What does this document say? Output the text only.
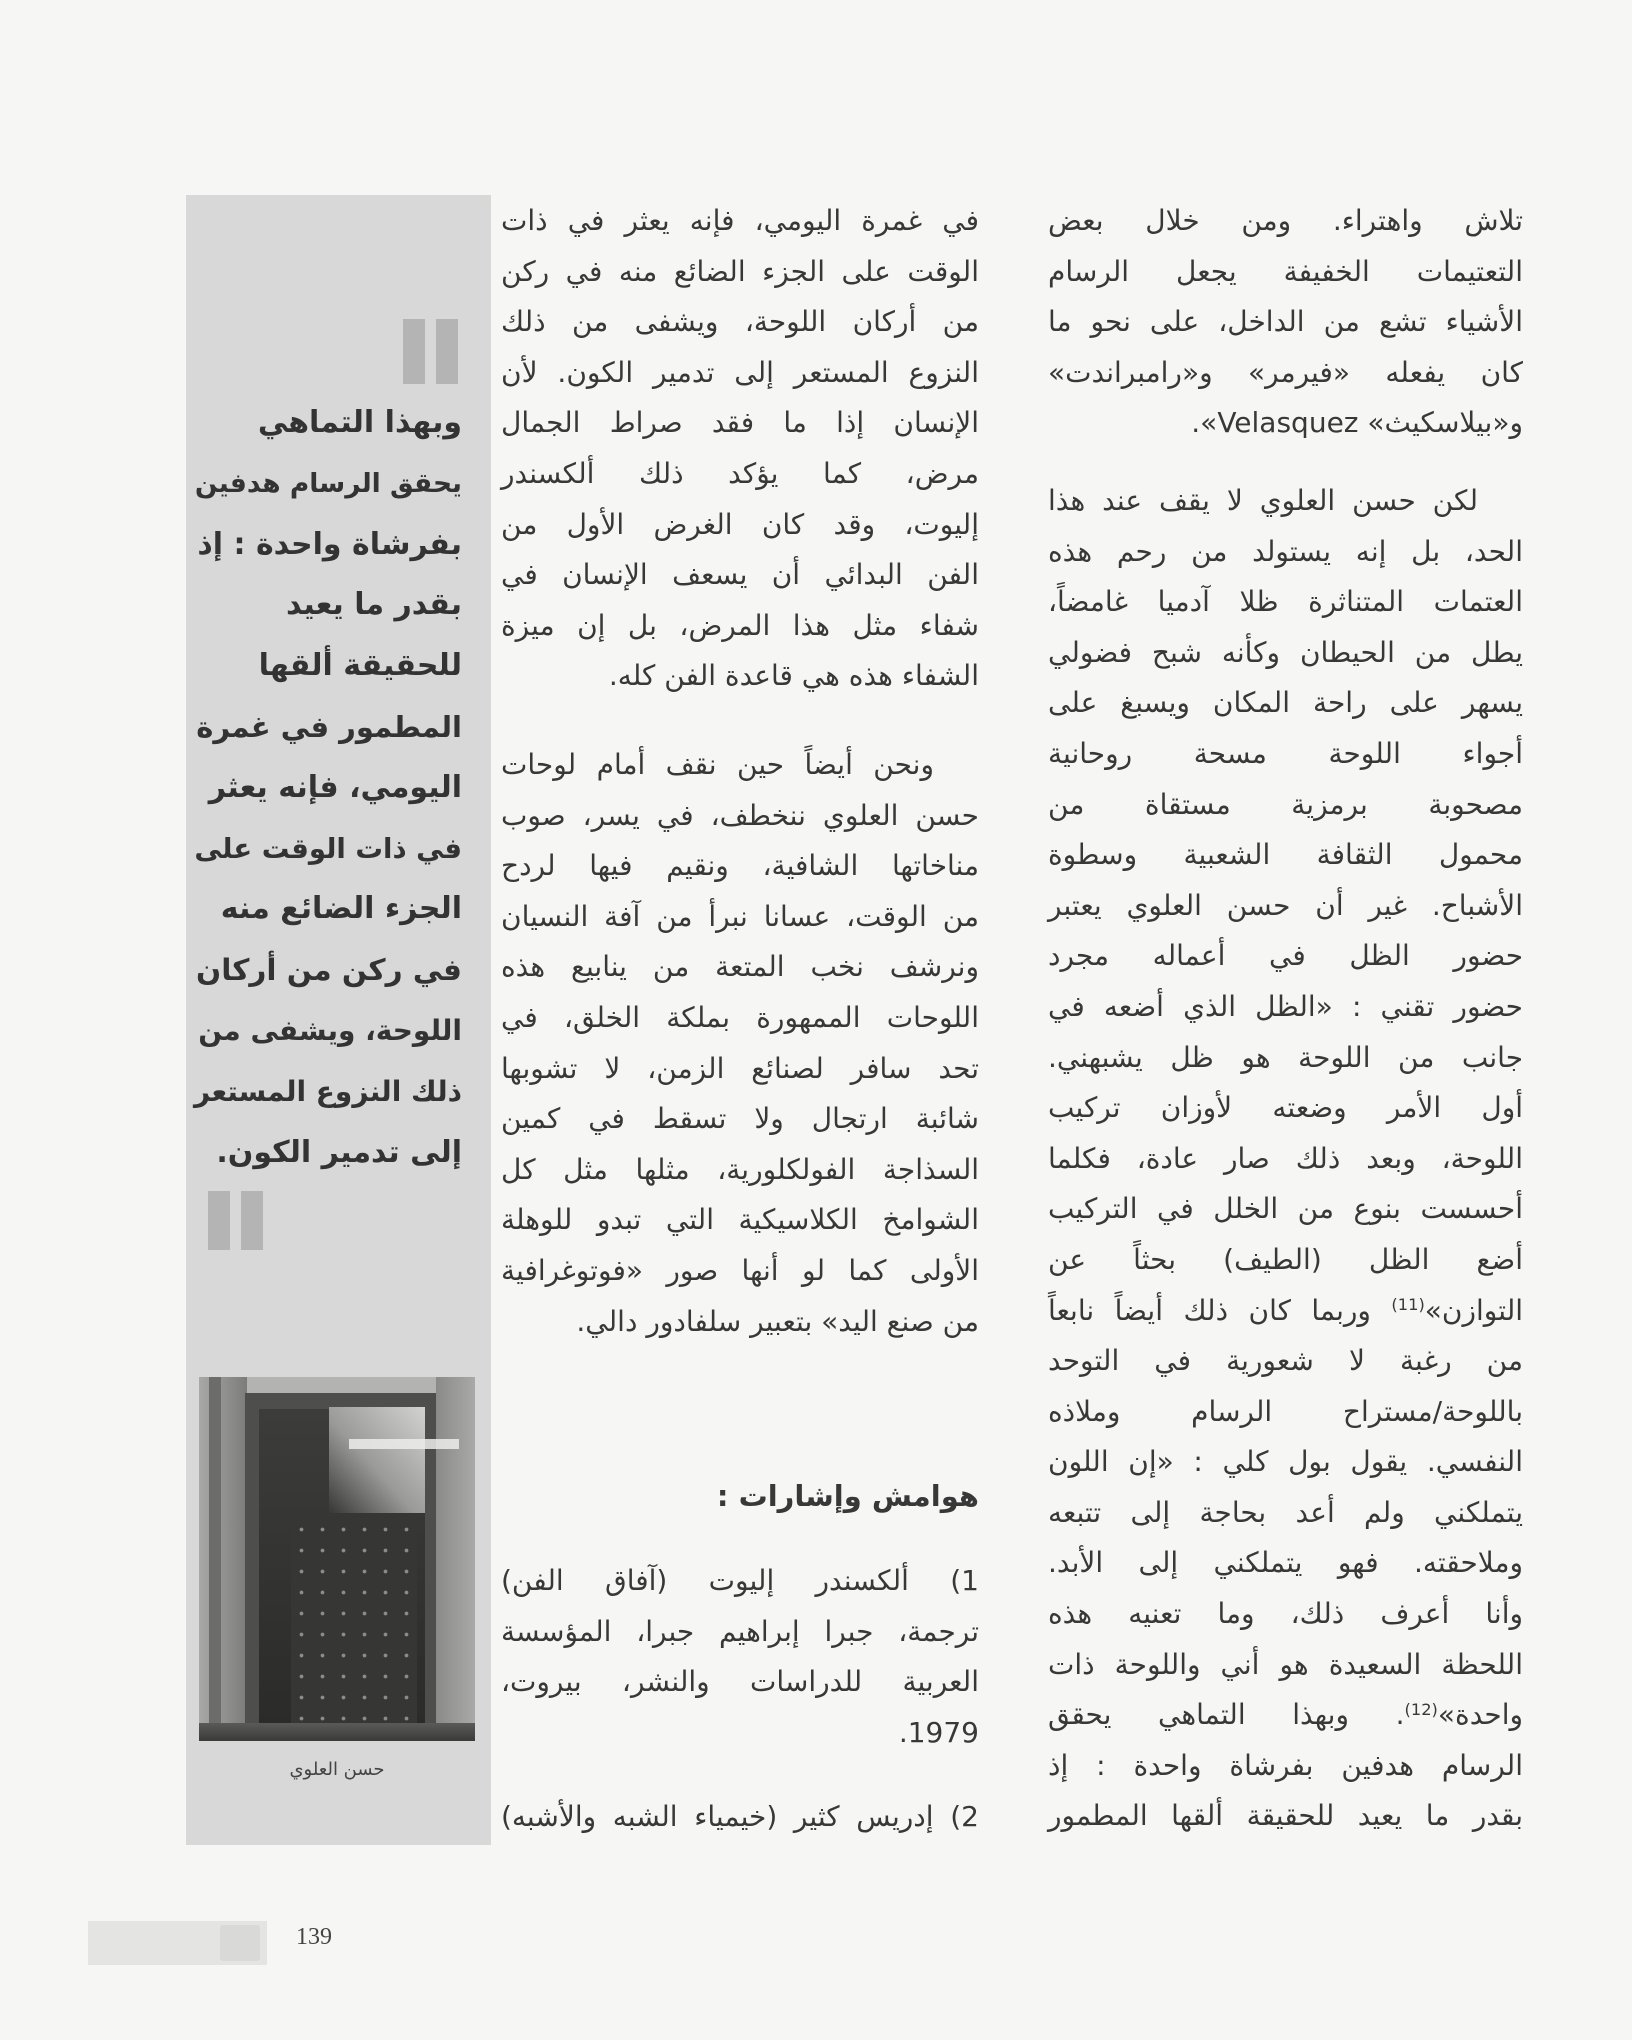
تلاش واهتراء. ومن خلال بعض
التعتيمات الخفيفة يجعل الرسام
الأشياء تشع من الداخل، على نحو ما
كان يفعله «فيرمر» و«رامبراندت»
و«بيلاسكيث» Velasquez».
لكن حسن العلوي لا يقف عند هذا
الحد، بل إنه يستولد من رحم هذه
العتمات المتناثرة ظلا آدميا غامضاً،
يطل من الحيطان وكأنه شبح فضولي
يسهر على راحة المكان ويسبغ على
أجواء اللوحة مسحة روحانية
مصحوبة برمزية مستقاة من
محمول الثقافة الشعبية وسطوة
الأشباح. غير أن حسن العلوي يعتبر
حضور الظل في أعماله مجرد
حضور تقني : «الظل الذي أضعه في
جانب من اللوحة هو ظل يشبهني.
أول الأمر وضعته لأوزان تركيب
اللوحة، وبعد ذلك صار عادة، فكلما
أحسست بنوع من الخلل في التركيب
أضع الظل (الطيف) بحثاً عن
التوازن»$^{(11)}$ وربما كان ذلك أيضاً نابعاً
من رغبة لا شعورية في التوحد
باللوحة/مستراح الرسام وملاذه
النفسي. يقول بول كلي : «إن اللون
يتملكني ولم أعد بحاجة إلى تتبعه
وملاحقته. فهو يتملكني إلى الأبد.
وأنا أعرف ذلك، وما تعنيه هذه
اللحظة السعيدة هو أني واللوحة ذات
واحدة»$^{(12)}$. وبهذا التماهي يحقق
الرسام هدفين بفرشاة واحدة : إذ
بقدر ما يعيد للحقيقة ألقها المطمور
في غمرة اليومي، فإنه يعثر في ذات
الوقت على الجزء الضائع منه في ركن
من أركان اللوحة، ويشفى من ذلك
النزوع المستعر إلى تدمير الكون. لأن
الإنسان إذا ما فقد صراط الجمال
مرض، كما يؤكد ذلك ألكسندر
إليوت، وقد كان الغرض الأول من
الفن البدائي أن يسعف الإنسان في
شفاء مثل هذا المرض، بل إن ميزة
الشفاء هذه هي قاعدة الفن كله.
ونحن أيضاً حين نقف أمام لوحات
حسن العلوي ننخطف، في يسر، صوب
مناخاتها الشافية، ونقيم فيها لردح
من الوقت، عسانا نبرأ من آفة النسيان
ونرشف نخب المتعة من ينابيع هذه
اللوحات الممهورة بملكة الخلق، في
تحد سافر لصنائع الزمن، لا تشوبها
شائبة ارتجال ولا تسقط في كمين
السذاجة الفولكلورية، مثلها مثل كل
الشوامخ الكلاسيكية التي تبدو للوهلة
الأولى كما لو أنها صور «فوتوغرافية
من صنع اليد» بتعبير سلفادور دالي.
هوامش وإشارات :
1) ألكسندر إليوت (آفاق الفن)
ترجمة، جبرا إبراهيم جبرا، المؤسسة
العربية للدراسات والنشر، بيروت،
1979.
2) إدريس كثير (خيمياء الشبه والأشبه)
وبهذا التماهي
يحقق الرسام هدفين
بفرشاة واحدة : إذ
بقدر ما يعيد
للحقيقة ألقها
المطمور في غمرة
اليومي، فإنه يعثر
في ذات الوقت على
الجزء الضائع منه
في ركن من أركان
اللوحة، ويشفى من
ذلك النزوع المستعر
إلى تدمير الكون.
حسن العلوي
139
